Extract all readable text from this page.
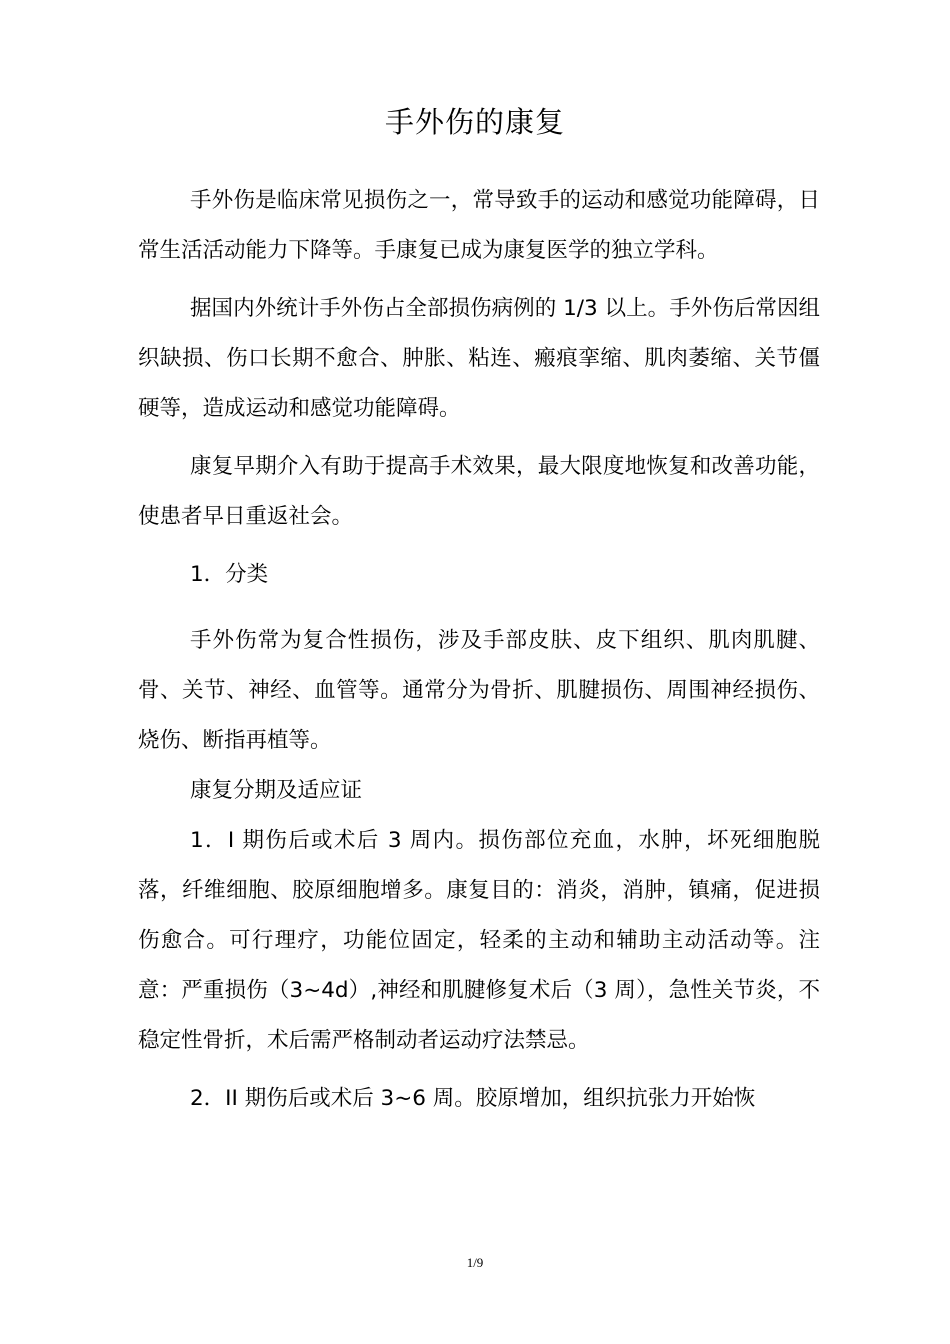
手外伤的康复

手外伤是临床常见损伤之一，常导致手的运动和感觉功能障碍，日常生活活动能力下降等。手康复已成为康复医学的独立学科。

据国内外统计手外伤占全部损伤病例的 1/3 以上。手外伤后常因组织缺损、伤口长期不愈合、肿胀、粘连、瘢痕挛缩、肌肉萎缩、关节僵硬等，造成运动和感觉功能障碍。

康复早期介入有助于提高手术效果，最大限度地恢复和改善功能，使患者早日重返社会。

1．分类

手外伤常为复合性损伤，涉及手部皮肤、皮下组织、肌肉肌腱、骨、关节、神经、血管等。通常分为骨折、肌腱损伤、周围神经损伤、烧伤、断指再植等。

康复分期及适应证

1．I 期伤后或术后 3 周内。损伤部位充血，水肿，坏死细胞脱落，纤维细胞、胶原细胞增多。康复目的：消炎，消肿，镇痛，促进损伤愈合。可行理疗，功能位固定，轻柔的主动和辅助主动活动等。注意：严重损伤（3~4d）,神经和肌腱修复术后（3 周），急性关节炎，不稳定性骨折，术后需严格制动者运动疗法禁忌。

2．II 期伤后或术后 3~6 周。胶原增加，组织抗张力开始恢

1/9
